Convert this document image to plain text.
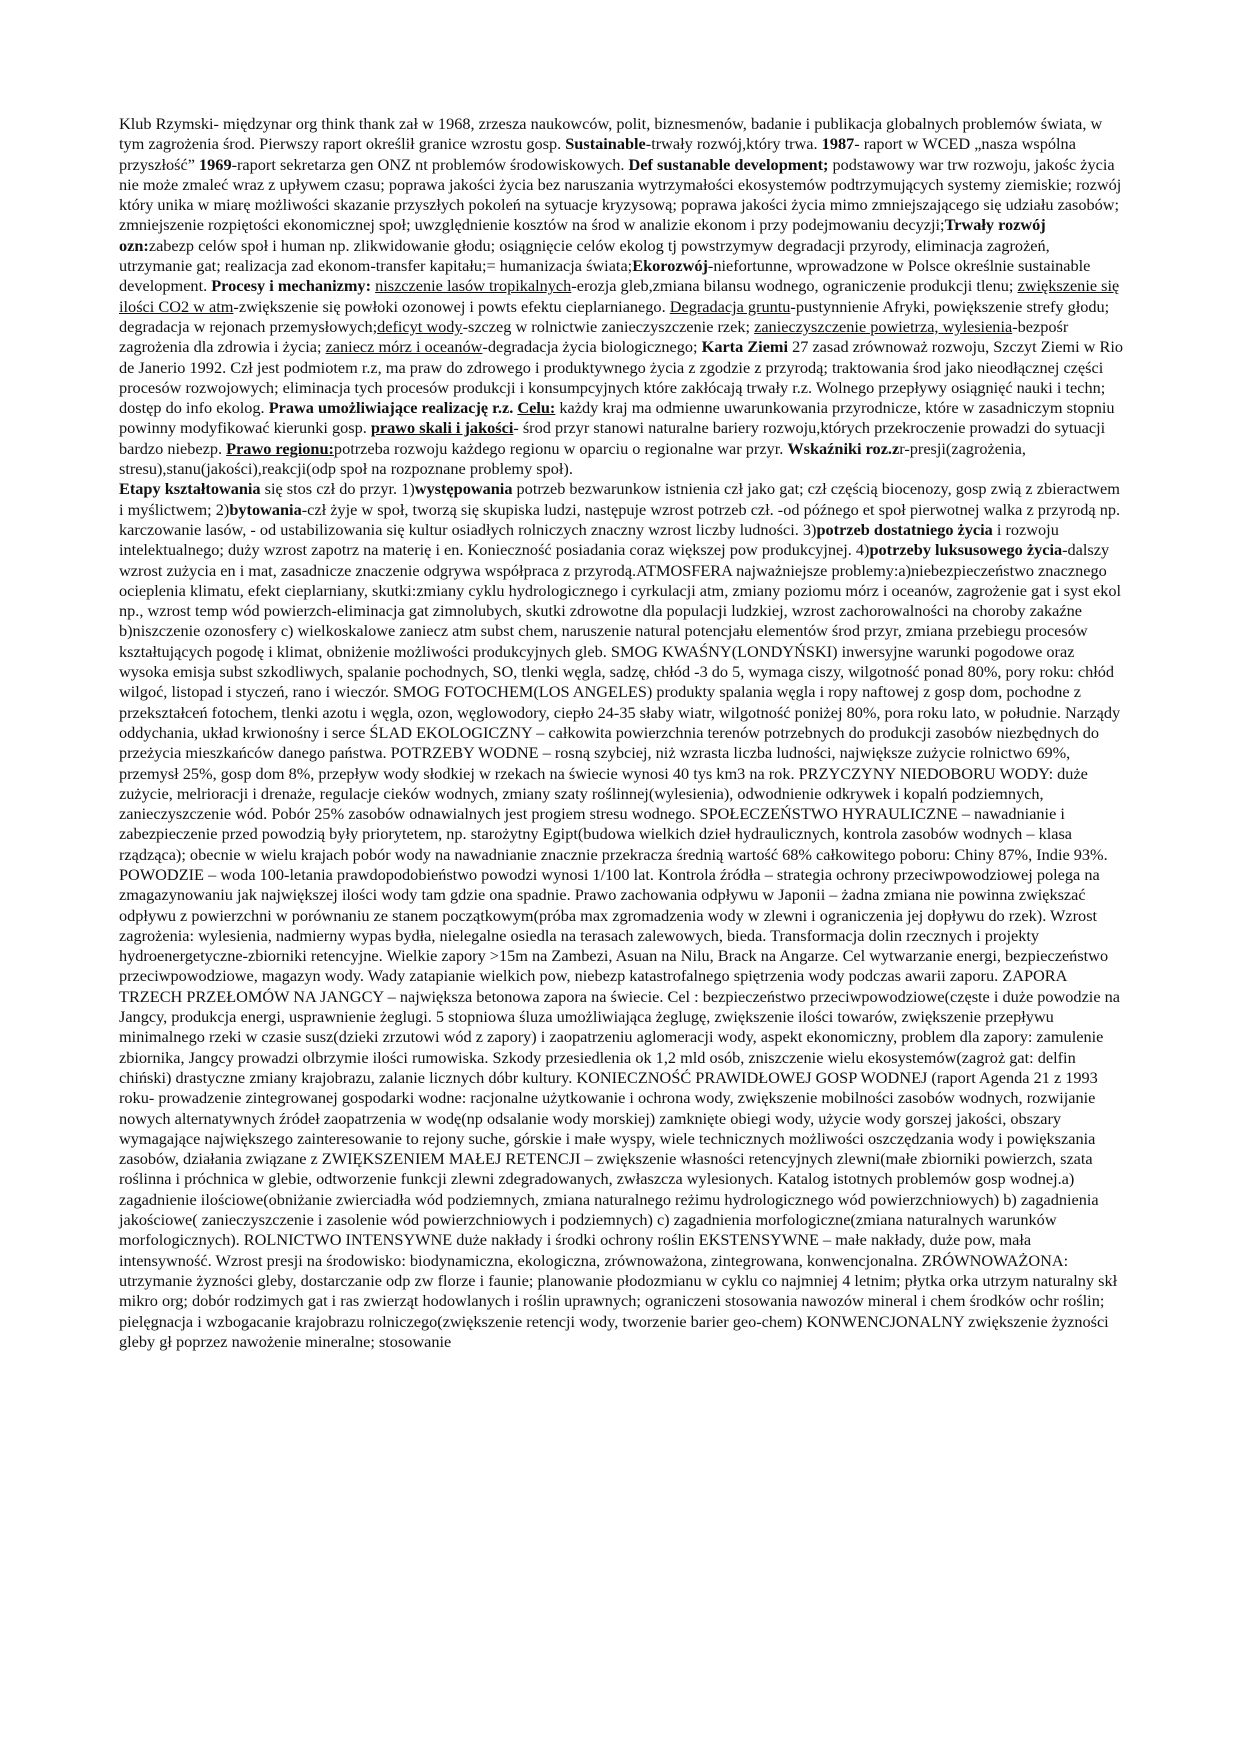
Klub Rzymski- międzynar org think thank zał w 1968, zrzesza naukowców, polit, biznesmenów, badanie i publikacja globalnych problemów świata, w tym zagrożenia środ. Pierwszy raport określił granice wzrostu gosp. Sustainable-trwały rozwój,który trwa. 1987- raport w WCED „nasza wspólna przyszłość” 1969-raport sekretarza gen ONZ nt problemów środowiskowych. Def sustanable development; podstawowy war trw rozwoju, jakośc życia nie może zmaleć wraz z upływem czasu; poprawa jakości życia bez naruszania wytrzymałości ekosystemów podtrzymujących systemy ziemiskie; rozwój który unika w miarę możliwości skazanie przyszłych pokoleń na sytuacje kryzysową; poprawa jakości życia mimo zmniejszającego się udziału zasobów; zmniejszenie rozpiętości ekonomicznej społ; uwzględnienie kosztów na środ w analizie ekonom i przy podejmowaniu decyzji;Trwały rozwój ozn:zabezp celów społ i human np. zlikwidowanie głodu; osiągnięcie celów ekolog tj powstrzymyw degradacji przyrody, eliminacja zagrożeń, utrzymanie gat; realizacja zad ekonom-transfer kapitału;= humanizacja świata;Ekorozwój-niefortunne, wprowadzone w Polsce określnie sustainable development. Procesy i mechanizmy: niszczenie lasów tropikalnych-erozja gleb,zmiana bilansu wodnego, ograniczenie produkcji tlenu; zwiększenie się ilości CO2 w atm-zwiększenie się powłoki ozonowej i powts efektu cieplarnianego. Degradacja gruntu-pustynnienie Afryki, powiększenie strefy głodu; degradacja w rejonach przemysłowych;deficyt wody-szczeg w rolnictwie zanieczyszczenie rzek; zanieczyszczenie powietrza, wylesienia-bezpośr zagrożenia dla zdrowia i życia; zaniecz mórz i oceanów-degradacja życia biologicznego; Karta Ziemi 27 zasad zrównoważ rozwoju, Szczyt Ziemi w Rio de Janerio 1992. Czł jest podmiotem r.z, ma praw do zdrowego i produktywnego życia z zgodzie z przyrodą; traktowania środ jako nieodłącznej części procesów rozwojowych; eliminacja tych procesów produkcji i konsumpcyjnych które zakłócają trwały r.z. Wolnego przepływy osiągnięć nauki i techn; dostęp do info ekolog. Prawa umożliwiające realizację r.z. Celu: każdy kraj ma odmienne uwarunkowania przyrodnicze, które w zasadniczym stopniu powinny modyfikować kierunki gosp. prawo skali i jakości- środ przyr stanowi naturalne bariery rozwoju,których przekroczenie prowadzi do sytuacji bardzo niebezp. Prawo regionu:potrzeba rozwoju każdego regionu w oparciu o regionalne war przyr. Wskaźniki roz.zr-presji(zagrożenia, stresu),stanu(jakości),reakcji(odp społ na rozpoznane problemy społ).

Etapy kształtowania się stos czł do przyr. 1)występowania potrzeb bezwarunkow istnienia czł jako gat; czł częścią biocenozy, gosp zwią z zbieractwem i myślictwem; 2)bytowania-czł żyje w społ, tworzą się skupiska ludzi, następuje wzrost potrzeb czł. -od późnego et społ pierwotnej walka z przyrodą np. karczowanie lasów, - od ustabilizowania się kultur osiadłych rolniczych znaczny wzrost liczby ludności. 3)potrzeb dostatniego życia i rozwoju intelektualnego; duży wzrost zapotrz na materię i en. Konieczność posiadania coraz większej pow produkcyjnej. 4)potrzeby luksusowego życia-dalszy wzrost zużycia en i mat, zasadnicze znaczenie odgrywa współpraca z przyrodą.ATMOSFERA najważniejsze problemy:a)niebezpieczeństwo znacznego ocieplenia klimatu, efekt cieplarniany, skutki:zmiany cyklu hydrologicznego i cyrkulacji atm, zmiany poziomu mórz i oceanów, zagrożenie gat i syst ekol np., wzrost temp wód powierzch-eliminacja gat zimnolubych, skutki zdrowotne dla populacji ludzkiej, wzrost zachorowalności na choroby zakaźne b)niszczenie ozonosfery c) wielkoskalowe zaniecz atm subst chem, naruszenie natural potencjału elementów środ przyr, zmiana przebiegu procesów kształtujących pogodę i klimat, obniżenie możliwości produkcyjnych gleb. SMOG KWAŚNY(LONDYŃSKI) inwersyjne warunki pogodowe oraz wysoka emisja subst szkodliwych, spalanie pochodnych, SO, tlenki węgla, sadzę, chłód -3 do 5, wymaga ciszy, wilgotność ponad 80%, pory roku: chłód wilgoć, listopad i styczeń, rano i wieczór. SMOG FOTOCHEM(LOS ANGELES) produkty spalania węgla i ropy naftowej z gosp dom, pochodne z przekształceń fotochem, tlenki azotu i węgla, ozon, węglowodory, ciepło 24-35 słaby wiatr, wilgotność poniżej 80%, pora roku lato, w południe. Narządy oddychania, układ krwionośny i serce ŚLAD EKOLOGICZNY – całkowita powierzchnia terenów potrzebnych do produkcji zasobów niezbędnych do przeżycia mieszkańców danego państwa. POTRZEBY WODNE – rosną szybciej, niż wzrasta liczba ludności, największe zużycie rolnictwo 69%, przemysł 25%, gosp dom 8%, przepływ wody słodkiej w rzekach na świecie wynosi 40 tys km3 na rok. PRZYCZYNY NIEDOBORU WODY: duże zużycie, melrioracji i drenaże, regulacje cieków wodnych, zmiany szaty roślinnej(wylesienia), odwodnienie odkrywek i kopalń podziemnych, zanieczyszczenie wód. Pobór 25% zasobów odnawialnych jest progiem stresu wodnego. SPOŁECZEŃSTWO HYRAULICZNE – nawadnianie i zabezpieczenie przed powodzią były priorytetem, np. starożytny Egipt(budowa wielkich dzieł hydraulicznych, kontrola zasobów wodnych – klasa rządząca); obecnie w wielu krajach pobór wody na nawadnianie znacznie przekracza średnią wartość 68% całkowitego poboru: Chiny 87%, Indie 93%. POWODZIE – woda 100-letania prawdopodobieństwo powodzi wynosi 1/100 lat. Kontrola źródła – strategia ochrony przeciwpowodziowej polega na zmagazynowaniu jak największej ilości wody tam gdzie ona spadnie. Prawo zachowania odpływu w Japonii – żadna zmiana nie powinna zwiększać odpływu z powierzchni w porównaniu ze stanem początkowym(próba max zgromadzenia wody w zlewni i ograniczenia jej dopływu do rzek). Wzrost zagrożenia: wylesienia, nadmierny wypas bydła, nielegalne osiedla na terasach zalewowych, bieda. Transformacja dolin rzecznych i projekty hydroenergetyczne-zbiorniki retencyjne. Wielkie zapory >15m na Zambezi, Asuan na Nilu, Brack na Angarze. Cel wytwarzanie energi, bezpieczeństwo przeciwpowodziowe, magazyn wody. Wady zatapianie wielkich pow, niebezp katastrofalnego spiętrzenia wody podczas awarii zaporu. ZAPORA TRZECH PRZEŁOMÓW NA JANGCY – największa betonowa zapora na świecie. Cel : bezpieczeństwo przeciwpowodziowe(częste i duże powodzie na Jangcy, produkcja energi, usprawnienie żeglugi. 5 stopniowa śluza umożliwiająca żeglugę, zwiększenie ilości towarów, zwiększenie przepływu minimalnego rzeki w czasie susz(dzieki zrzutowi wód z zapory) i zaopatrzeniu aglomeracji wody, aspekt ekonomiczny, problem dla zapory: zamulenie zbiornika, Jangcy prowadzi olbrzymie ilości rumowiska. Szkody przesiedlenia ok 1,2 mld osób, zniszczenie wielu ekosystemów(zagroż gat: delfin chiński) drastyczne zmiany krajobrazu, zalanie licznych dóbr kultury. KONIECZNOŚĆ PRAWIDŁOWEJ GOSP WODNEJ (raport Agenda 21 z 1993 roku- prowadzenie zintegrowanej gospodarki wodne: racjonalne użytkowanie i ochrona wody, zwiększenie mobilności zasobów wodnych, rozwijanie nowych alternatywnych źródeł zaopatrzenia w wodę(np odsalanie wody morskiej) zamknięte obiegi wody, użycie wody gorszej jakości, obszary wymagające największego zainteresowanie to rejony suche, górskie i małe wyspy, wiele technicznych możliwości oszczędzania wody i powiększania zasobów, działania związane z ZWIĘKSZENIEM MAŁEJ RETENCJI – zwiększenie własności retencyjnych zlewni(małe zbiorniki powierzch, szata roślinna i próchnica w glebie, odtworzenie funkcji zlewni zdegradowanych, zwłaszcza wylesionych. Katalog istotnych problemów gosp wodnej.a) zagadnienie ilościowe(obniżanie zwierciadła wód podziemnych, zmiana naturalnego reżimu hydrologicznego wód powierzchniowych) b) zagadnienia jakościowe( zanieczyszczenie i zasolenie wód powierzchniowych i podziemnych) c) zagadnienia morfologiczne(zmiana naturalnych warunków morfologicznych). ROLNICTWO INTENSYWNE duże nakłady i środki ochrony roślin EKSTENSYWNE – małe nakłady, duże pow, mała intensywność. Wzrost presji na środowisko: biodynamiczna, ekologiczna, zrównoważona, zintegrowana, konwencjonalna. ZRÓWNOWAŻONA: utrzymanie żyzności gleby, dostarczanie odp zw florze i faunie; planowanie płodozmianu w cyklu co najmniej 4 letnim; płytka orka utrzym naturalny skł mikro org; dobór rodzimych gat i ras zwierząt hodowlanych i roślin uprawnych; ograniczeni stosowania nawozów mineral i chem środków ochr roślin; pielęgnacja i wzbogacanie krajobrazu rolniczego(zwiększenie retencji wody, tworzenie barier geo-chem) KONWENCJONALNY zwiększenie żyzności gleby gł poprzez nawożenie mineralne; stosowanie
